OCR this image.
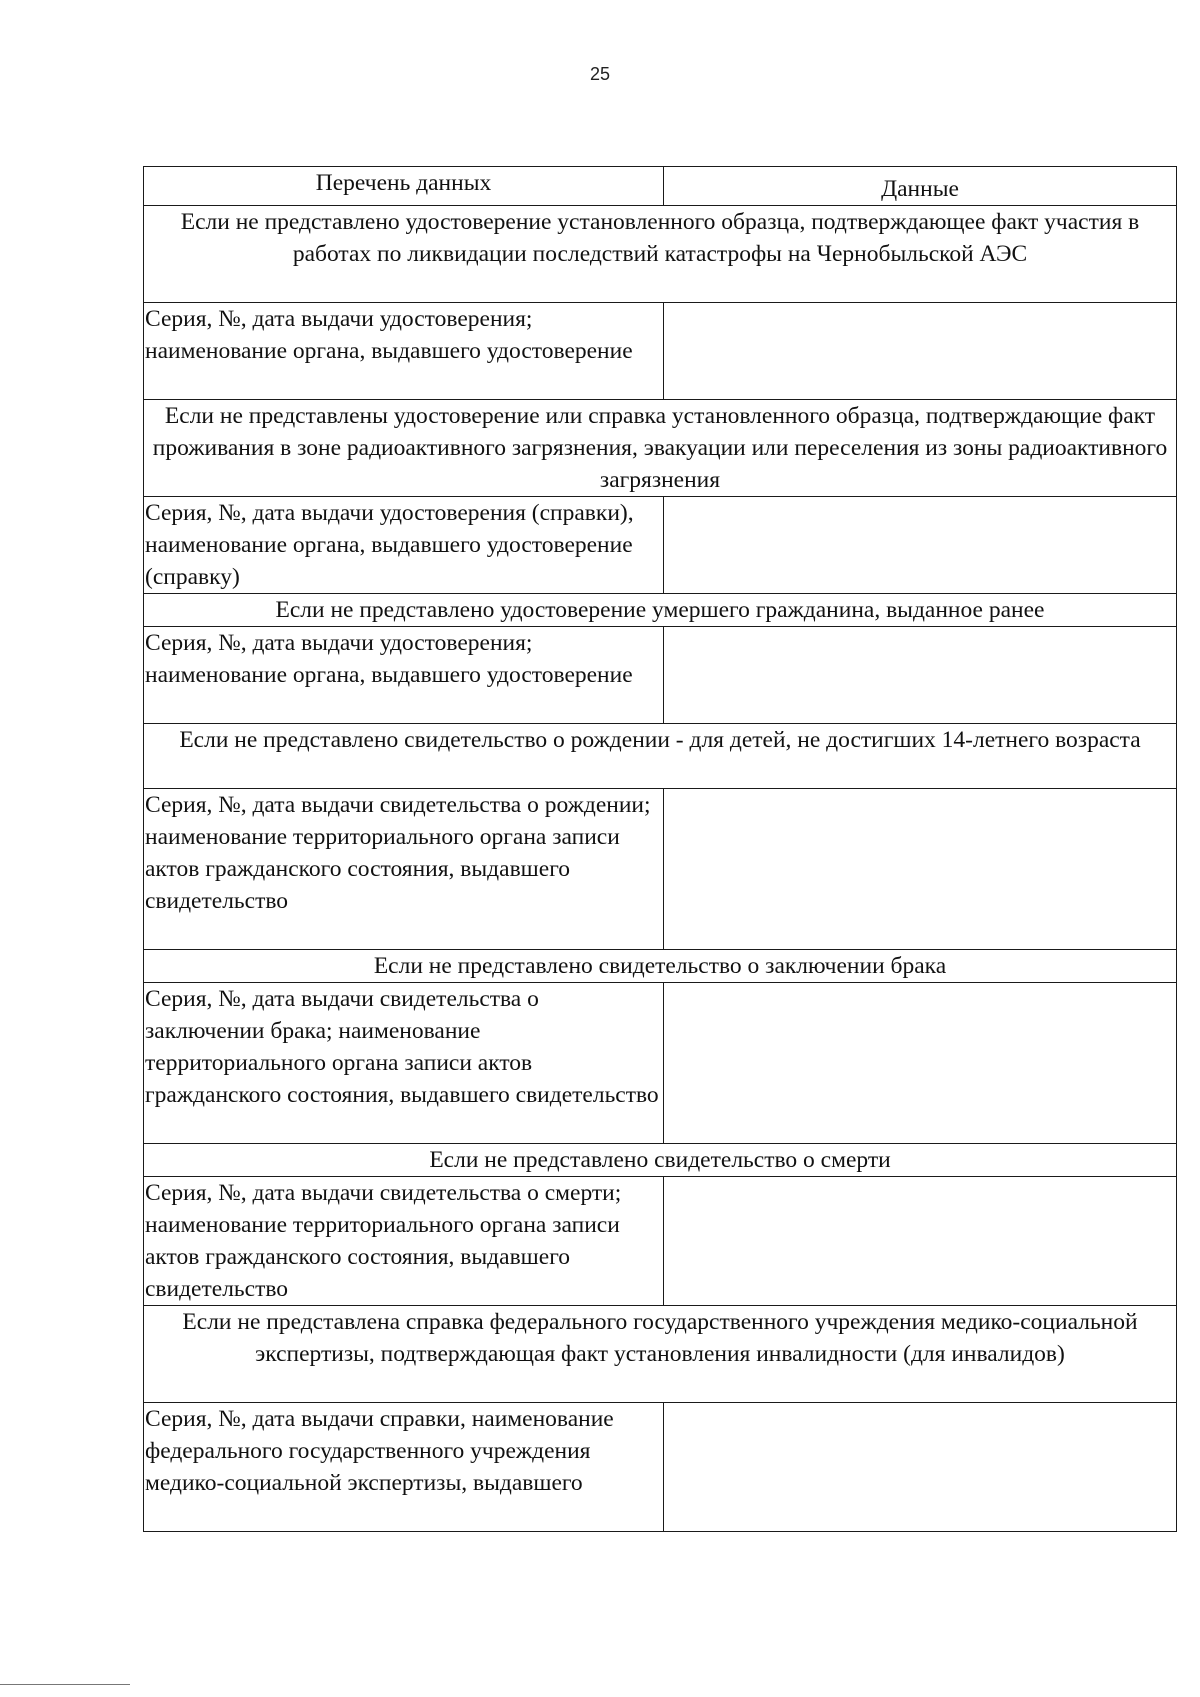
25
Перечень данных	Данные
Если не представлено удостоверение установленного образца, подтверждающее факт участия в работах по ликвидации последствий катастрофы на Чернобыльской АЭС	
Серия, №, дата выдачи удостоверения; наименование органа, выдавшего удостоверение	
Если не представлены удостоверение или справка установленного образца, подтверждающие факт проживания в зоне радиоактивного загрязнения, эвакуации или переселения из зоны радиоактивного загрязнения	
Серия, №, дата выдачи удостоверения (справки), наименование органа, выдавшего удостоверение (справку)	
Если не представлено удостоверение умершего гражданина, выданное ранее	
Серия, №, дата выдачи удостоверения; наименование органа, выдавшего удостоверение	
Если не представлено свидетельство о рождении - для детей, не достигших 14-летнего возраста	
Серия, №, дата выдачи свидетельства о рождении; наименование территориального органа записи актов гражданского состояния, выдавшего свидетельство	
Если не представлено свидетельство о заключении брака	
Серия, №, дата выдачи свидетельства о заключении брака; наименование территориального органа записи актов гражданского состояния, выдавшего свидетельство	
Если не представлено свидетельство о смерти	
Серия, №, дата выдачи свидетельства о смерти; наименование территориального органа записи актов гражданского состояния, выдавшего свидетельство	
Если не представлена справка федерального государственного учреждения медико-социальной экспертизы, подтверждающая факт установления инвалидности (для инвалидов)	
Серия, №, дата выдачи справки, наименование федерального государственного учреждения медико-социальной экспертизы, выдавшего	
